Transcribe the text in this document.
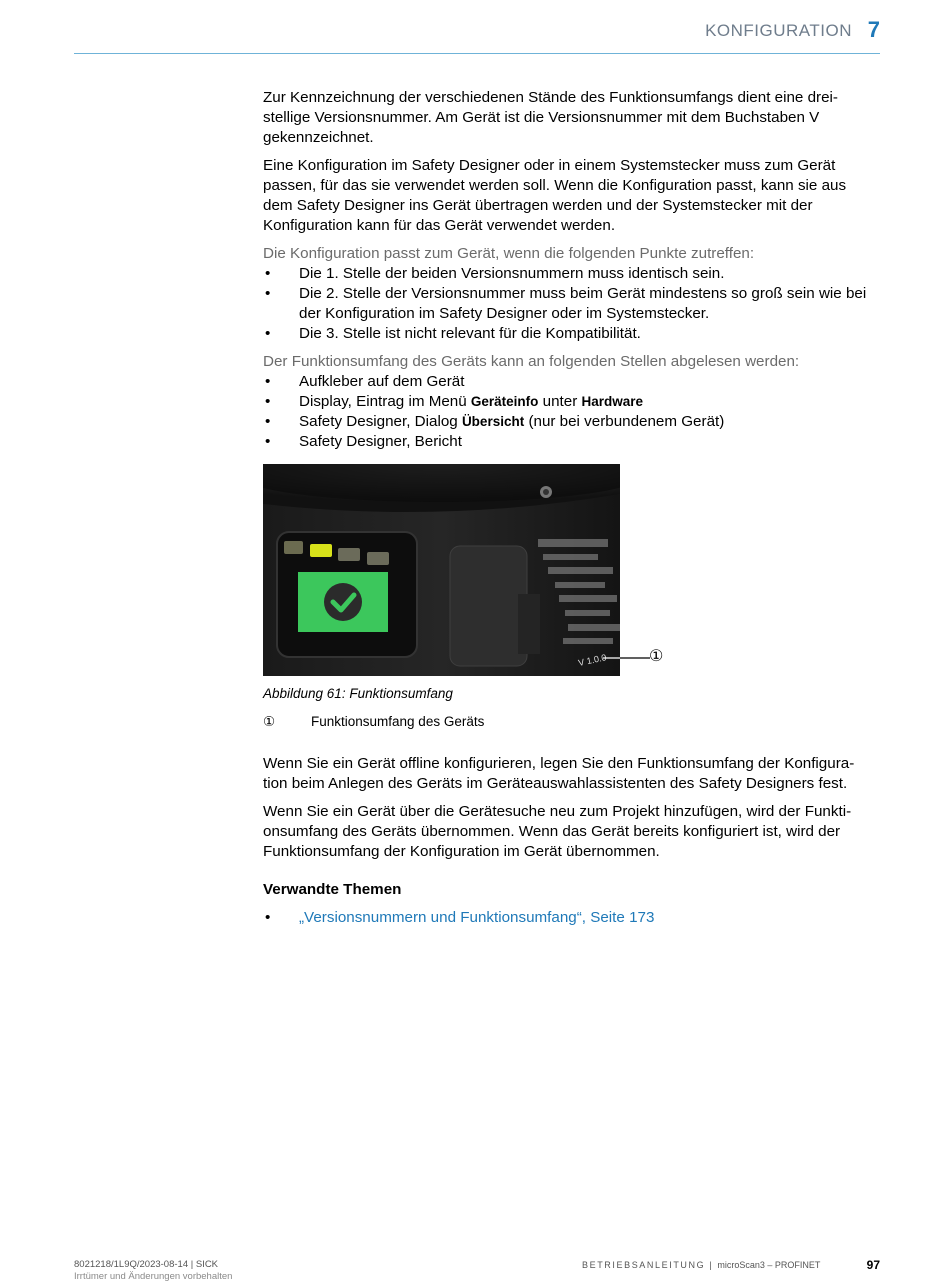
KONFIGURATION 7

Zur Kennzeichnung der verschiedenen Stände des Funktionsumfangs dient eine drei-stellige Versionsnummer. Am Gerät ist die Versionsnummer mit dem Buchstaben V gekennzeichnet.

Eine Konfiguration im Safety Designer oder in einem Systemstecker muss zum Gerät passen, für das sie verwendet werden soll. Wenn die Konfiguration passt, kann sie aus dem Safety Designer ins Gerät übertragen werden und der Systemstecker mit der Konfiguration kann für das Gerät verwendet werden.

Die Konfiguration passt zum Gerät, wenn die folgenden Punkte zutreffen:

• Die 1. Stelle der beiden Versionsnummern muss identisch sein.
• Die 2. Stelle der Versionsnummer muss beim Gerät mindestens so groß sein wie bei der Konfiguration im Safety Designer oder im Systemstecker.
• Die 3. Stelle ist nicht relevant für die Kompatibilität.

Der Funktionsumfang des Geräts kann an folgenden Stellen abgelesen werden:

• Aufkleber auf dem Gerät
• Display, Eintrag im Menü Geräteinfo unter Hardware
• Safety Designer, Dialog Übersicht (nur bei verbundenem Gerät)
• Safety Designer, Bericht
V 1.0.0	①

Abbildung 61: Funktionsumfang

①	Funktionsumfang des Geräts

Wenn Sie ein Gerät offline konfigurieren, legen Sie den Funktionsumfang der Konfigura-tion beim Anlegen des Geräts im Geräteauswahlassistenten des Safety Designers fest.

Wenn Sie ein Gerät über die Gerätesuche neu zum Projekt hinzufügen, wird der Funkti-onsumfang des Geräts übernommen. Wenn das Gerät bereits konfiguriert ist, wird der Funktionsumfang der Konfiguration im Gerät übernommen.

Verwandte Themen

• „Versionsnummern und Funktionsumfang“, Seite 173
8021218/1L9Q/2023-08-14 | SICK
Irrtümer und Änderungen vorbehalten
BETRIEBSANLEITUNG | microScan3 – PROFINET	97
